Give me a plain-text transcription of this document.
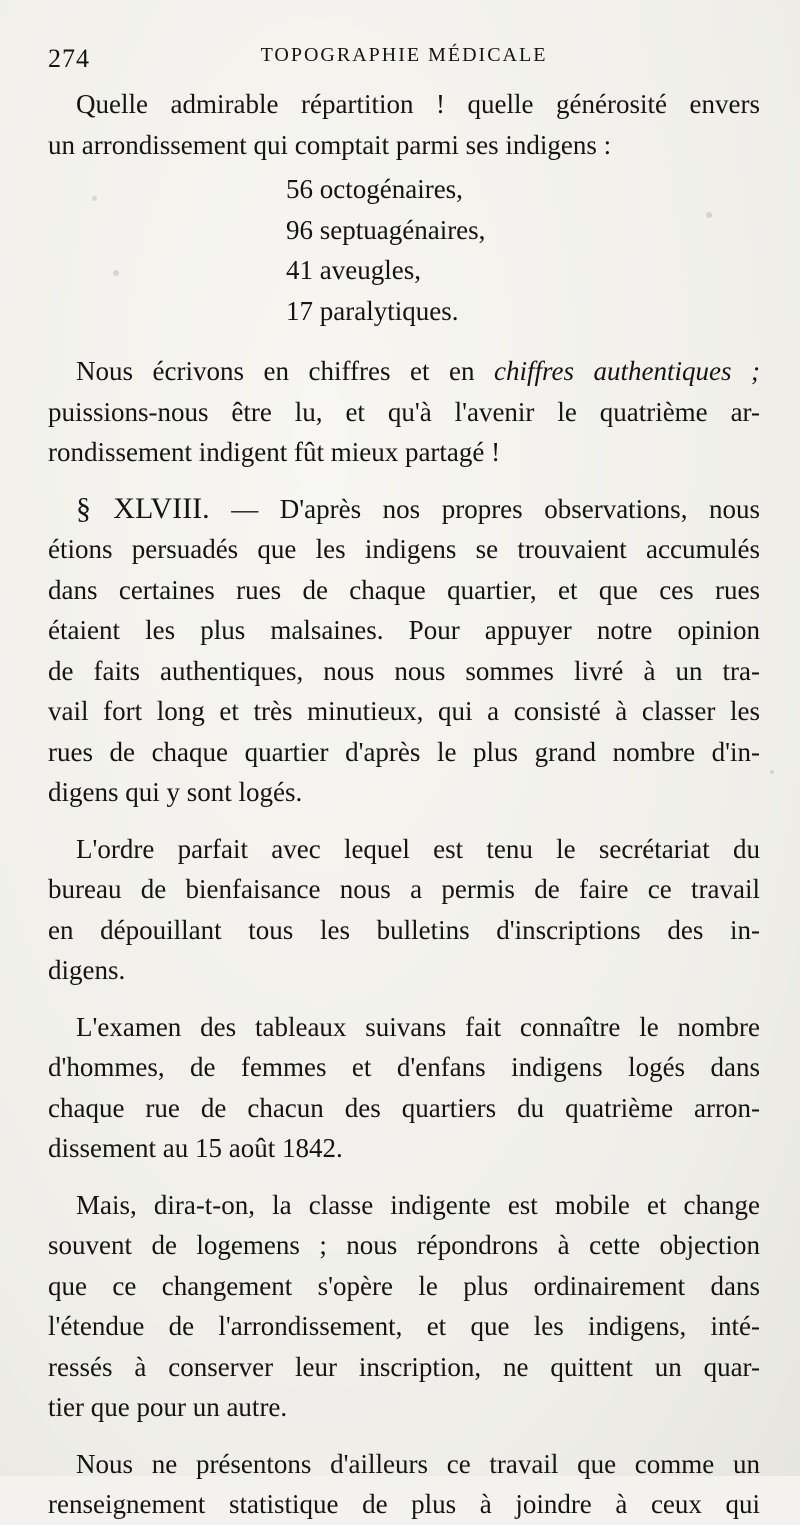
274	TOPOGRAPHIE MÉDICALE
Quelle admirable répartition ! quelle générosité envers
un arrondissement qui comptait parmi ses indigens :
56 octogénaires,
96 septuagénaires,
41 aveugles,
17 paralytiques.
Nous écrivons en chiffres et en chiffres authentiques ;
puissions-nous être lu, et qu'à l'avenir le quatrième ar-
rondissement indigent fût mieux partagé !
§ XLVIII. — D'après nos propres observations, nous
étions persuadés que les indigens se trouvaient accumulés
dans certaines rues de chaque quartier, et que ces rues
étaient les plus malsaines. Pour appuyer notre opinion
de faits authentiques, nous nous sommes livré à un tra-
vail fort long et très minutieux, qui a consisté à classer les
rues de chaque quartier d'après le plus grand nombre d'in-
digens qui y sont logés.
L'ordre parfait avec lequel est tenu le secrétariat du
bureau de bienfaisance nous a permis de faire ce travail
en dépouillant tous les bulletins d'inscriptions des in-
digens.
L'examen des tableaux suivans fait connaître le nombre
d'hommes, de femmes et d'enfans indigens logés dans
chaque rue de chacun des quartiers du quatrième arron-
dissement au 15 août 1842.
Mais, dira-t-on, la classe indigente est mobile et change
souvent de logemens ; nous répondrons à cette objection
que ce changement s'opère le plus ordinairement dans
l'étendue de l'arrondissement, et que les indigens, inté-
ressés à conserver leur inscription, ne quittent un quar-
tier que pour un autre.
Nous ne présentons d'ailleurs ce travail que comme un
renseignement statistique de plus à joindre à ceux qui
